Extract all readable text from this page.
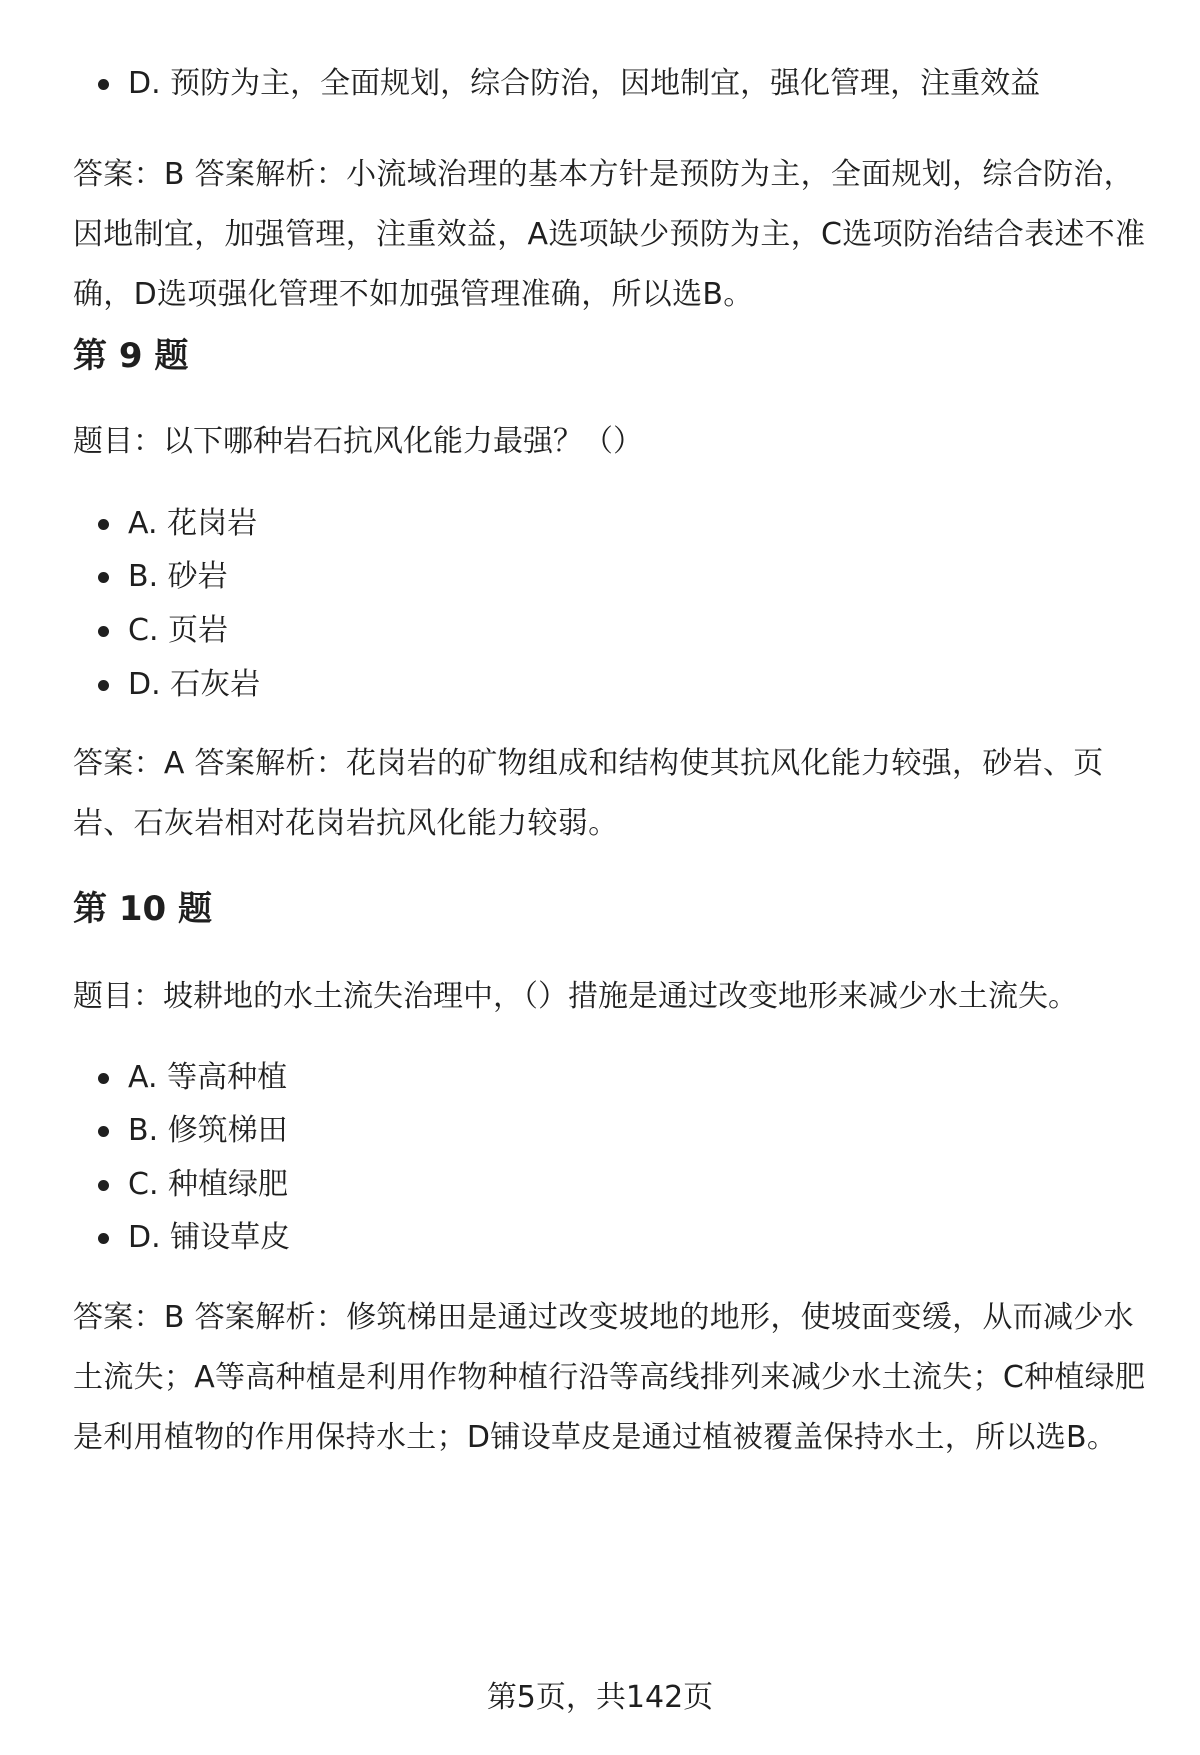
D. 预防为主，全面规划，综合防治，因地制宜，强化管理，注重效益
答案：B 答案解析：小流域治理的基本方针是预防为主，全面规划，综合防治，因地制宜，加强管理，注重效益，A选项缺少预防为主，C选项防治结合表述不准确，D选项强化管理不如加强管理准确，所以选B。
第 9 题
题目：以下哪种岩石抗风化能力最强？（）
A. 花岗岩
B. 砂岩
C. 页岩
D. 石灰岩
答案：A 答案解析：花岗岩的矿物组成和结构使其抗风化能力较强，砂岩、页岩、石灰岩相对花岗岩抗风化能力较弱。
第 10 题
题目：坡耕地的水土流失治理中，（）措施是通过改变地形来减少水土流失。
A. 等高种植
B. 修筑梯田
C. 种植绿肥
D. 铺设草皮
答案：B 答案解析：修筑梯田是通过改变坡地的地形，使坡面变缓，从而减少水土流失；A等高种植是利用作物种植行沿等高线排列来减少水土流失；C种植绿肥是利用植物的作用保持水土；D铺设草皮是通过植被覆盖保持水土，所以选B。
第5页，共142页
